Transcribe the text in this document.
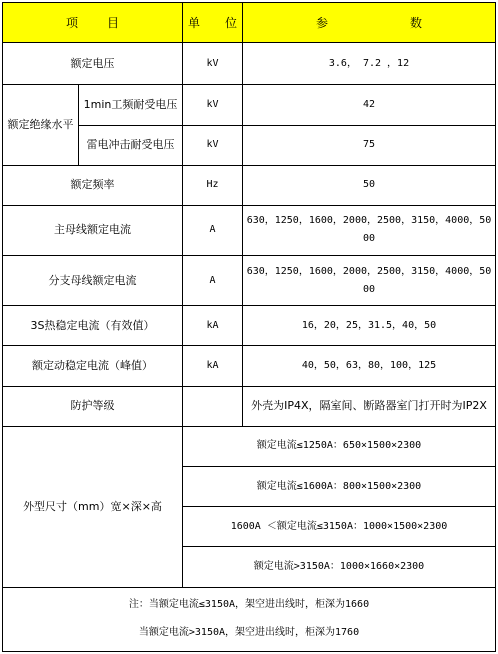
项 目		单 位	参 数

额定电压		kV	3.6， 7.2 ，12
额定绝缘水平	1min工频耐受电压	kV	42
	雷电冲击耐受电压	kV	75
额定频率		Hz	50
主母线额定电流		A	630，1250，1600，2000，2500，3150，4000，5000
分支母线额定电流		A	630，1250，1600，2000，2500，3150，4000，5000
3S热稳定电流（有效值）		kA	16，20，25，31.5，40，50
额定动稳定电流（峰值）		kA	40，50，63，80，100，125
防护等级			外壳为IP4X，隔室间、断路器室门打开时为IP2X
外型尺寸（mm）宽×深×高		额定电流≤1250A：650×1500×2300	
		额定电流≤1600A：800×1500×2300	
		1600A ＜额定电流≤3150A：1000×1500×2300	
		额定电流>3150A：1000×1660×2300	

注：当额定电流≤3150A，架空进出线时，柜深为1660
当额定电流>3150A，架空进出线时，柜深为1760			
